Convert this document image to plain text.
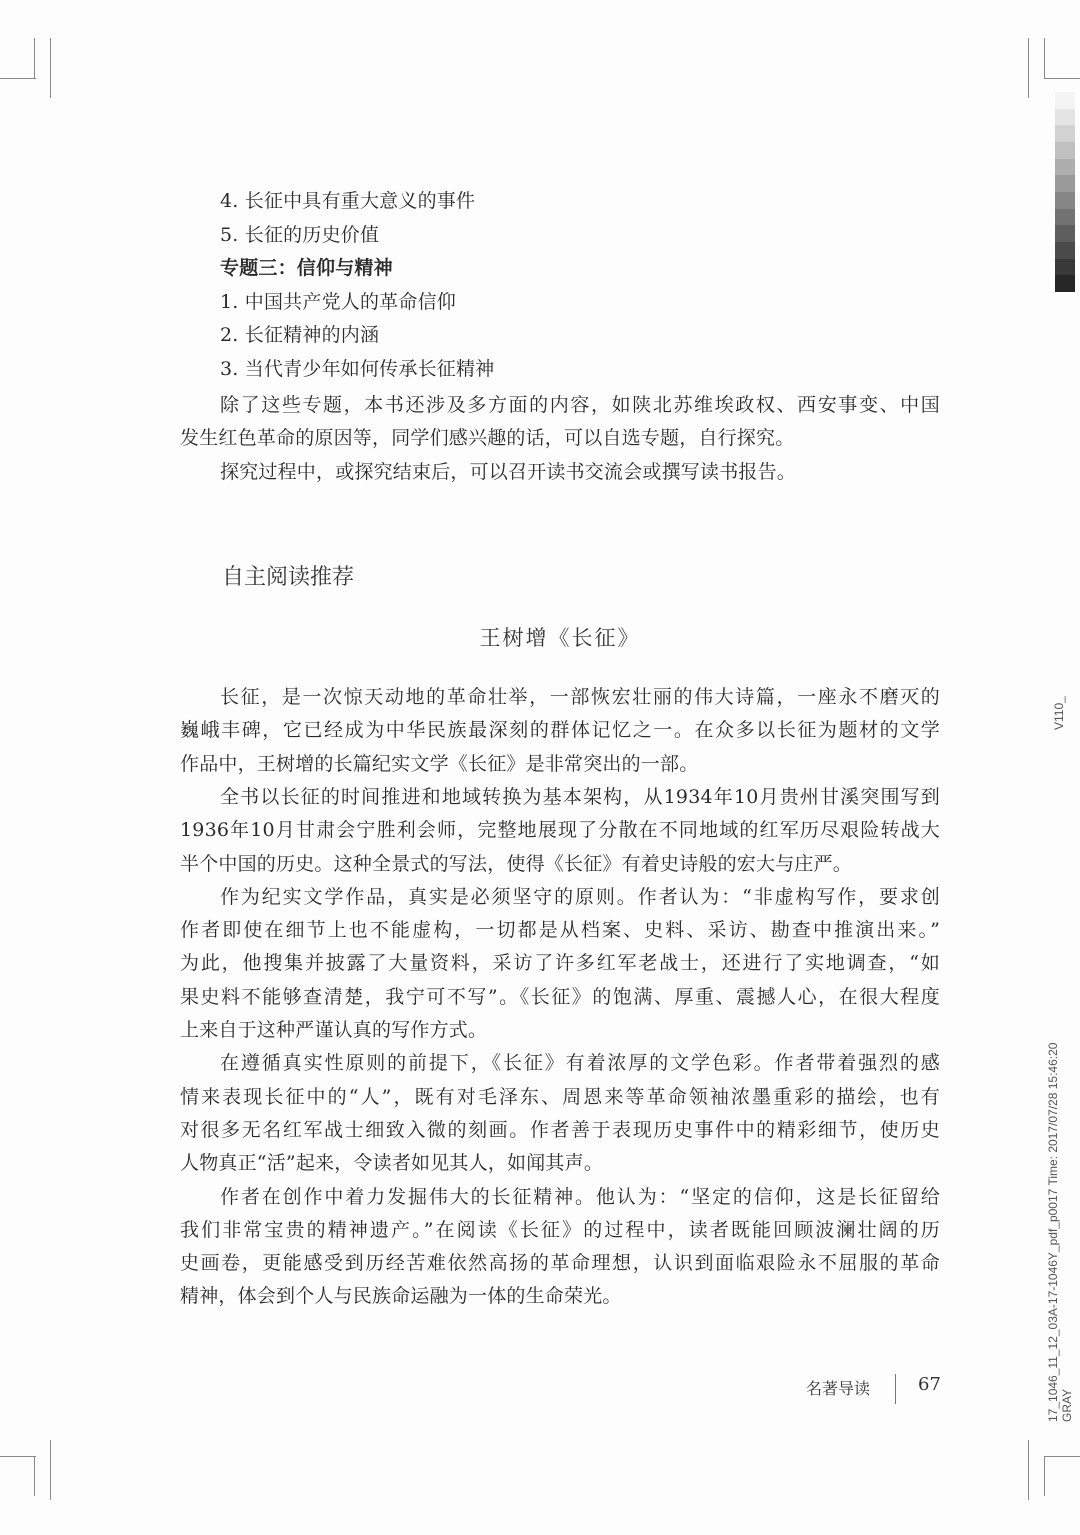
4. 长征中具有重大意义的事件
5. 长征的历史价值
专题三：信仰与精神
1. 中国共产党人的革命信仰
2. 长征精神的内涵
3. 当代青少年如何传承长征精神
除了这些专题，本书还涉及多方面的内容，如陕北苏维埃政权、西安事变、中国
发生红色革命的原因等，同学们感兴趣的话，可以自选专题，自行探究。
探究过程中，或探究结束后，可以召开读书交流会或撰写读书报告。
自主阅读推荐
王树增《长征》
长征，是一次惊天动地的革命壮举，一部恢宏壮丽的伟大诗篇，一座永不磨灭的
巍峨丰碑，它已经成为中华民族最深刻的群体记忆之一。在众多以长征为题材的文学
作品中，王树增的长篇纪实文学《长征》是非常突出的一部。
全书以长征的时间推进和地域转换为基本架构，从1934年10月贵州甘溪突围写到
1936年10月甘肃会宁胜利会师，完整地展现了分散在不同地域的红军历尽艰险转战大
半个中国的历史。这种全景式的写法，使得《长征》有着史诗般的宏大与庄严。
作为纪实文学作品，真实是必须坚守的原则。作者认为：“非虚构写作，要求创
作者即使在细节上也不能虚构，一切都是从档案、史料、采访、勘查中推演出来。”
为此，他搜集并披露了大量资料，采访了许多红军老战士，还进行了实地调查，“如
果史料不能够查清楚，我宁可不写”。《长征》的饱满、厚重、震撼人心，在很大程度
上来自于这种严谨认真的写作方式。
在遵循真实性原则的前提下，《长征》有着浓厚的文学色彩。作者带着强烈的感
情来表现长征中的“人”，既有对毛泽东、周恩来等革命领袖浓墨重彩的描绘，也有
对很多无名红军战士细致入微的刻画。作者善于表现历史事件中的精彩细节，使历史
人物真正“活”起来，令读者如见其人，如闻其声。
作者在创作中着力发掘伟大的长征精神。他认为：“坚定的信仰，这是长征留给
我们非常宝贵的精神遗产。”在阅读《长征》的过程中，读者既能回顾波澜壮阔的历
史画卷，更能感受到历经苦难依然高扬的革命理想，认识到面临艰险永不屈服的革命
精神，体会到个人与民族命运融为一体的生命荣光。
名著导读	67
V110_
17_1046_11_12_03A-17-1046Y_pdf_p0017 Time: 2017/07/28 15:46:20 GRAY
